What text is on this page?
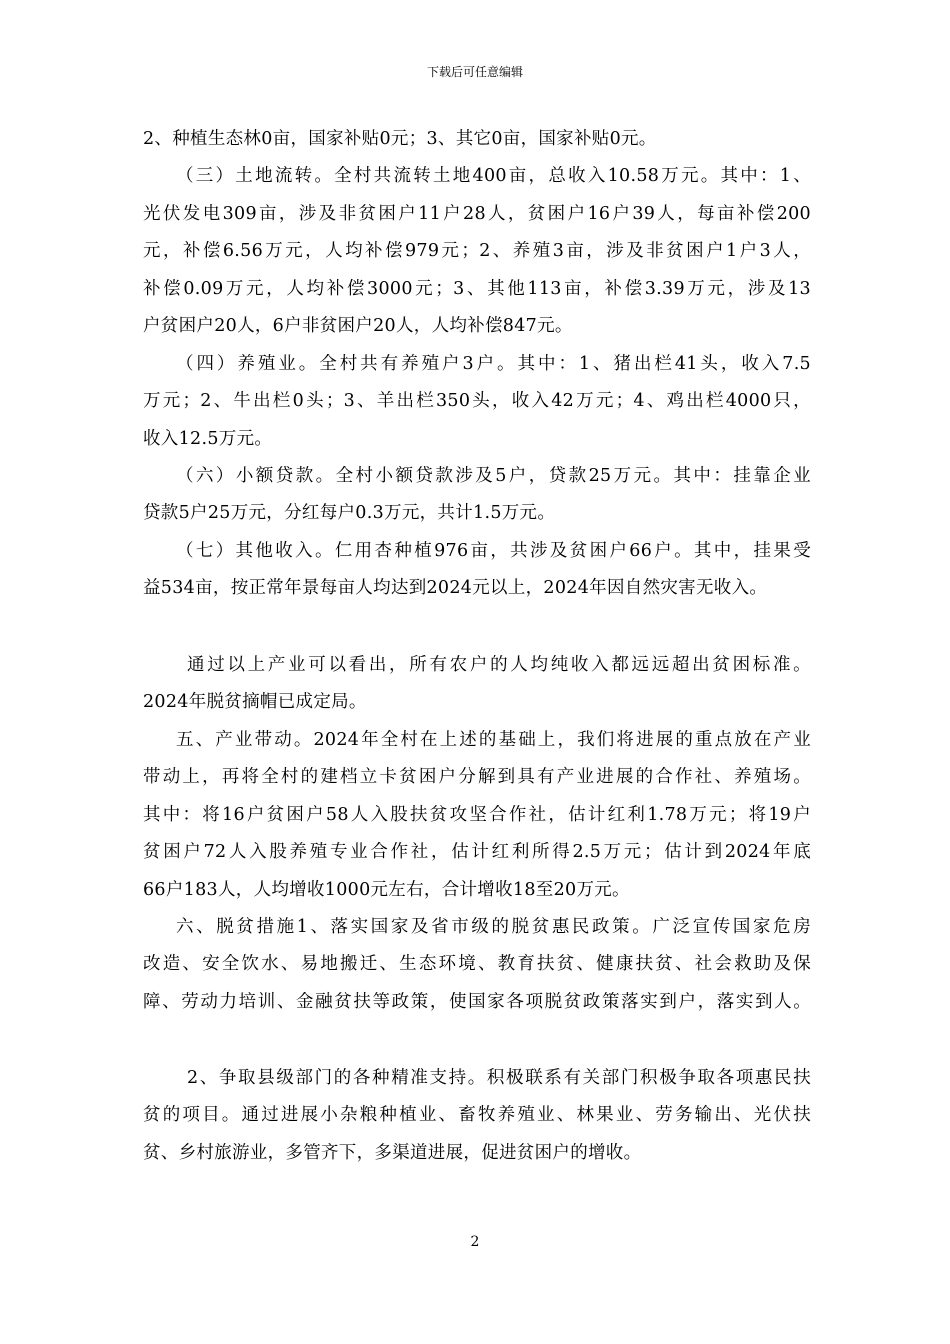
下载后可任意编辑
2、种植生态林0亩，国家补贴0元；3、其它0亩，国家补贴0元。
（三）土地流转。全村共流转土地400亩，总收入10.58万元。其中：1、
光伏发电309亩，涉及非贫困户11户28人，贫困户16户39人，每亩补偿200
元，补偿6.56万元，人均补偿979元；2、养殖3亩，涉及非贫困户1户3人，
补偿0.09万元，人均补偿3000元；3、其他113亩，补偿3.39万元，涉及13
户贫困户20人，6户非贫困户20人，人均补偿847元。
（四）养殖业。全村共有养殖户3户。其中：1、猪出栏41头，收入7.5
万元；2、牛出栏0头；3、羊出栏350头，收入42万元；4、鸡出栏4000只，
收入12.5万元。
（六）小额贷款。全村小额贷款涉及5户，贷款25万元。其中：挂靠企业
贷款5户25万元，分红每户0.3万元，共计1.5万元。
（七）其他收入。仁用杏种植976亩，共涉及贫困户66户。其中，挂果受
益534亩，按正常年景每亩人均达到2024元以上，2024年因自然灾害无收入。
通过以上产业可以看出，所有农户的人均纯收入都远远超出贫困标准。
2024年脱贫摘帽已成定局。
五、产业带动。2024年全村在上述的基础上，我们将进展的重点放在产业
带动上，再将全村的建档立卡贫困户分解到具有产业进展的合作社、养殖场。
其中：将16户贫困户58人入股扶贫攻坚合作社，估计红利1.78万元；将19户
贫困户72人入股养殖专业合作社，估计红利所得2.5万元；估计到2024年底
66户183人，人均增收1000元左右，合计增收18至20万元。
六、脱贫措施1、落实国家及省市级的脱贫惠民政策。广泛宣传国家危房
改造、安全饮水、易地搬迁、生态环境、教育扶贫、健康扶贫、社会救助及保
障、劳动力培训、金融贫扶等政策，使国家各项脱贫政策落实到户，落实到人。
2、争取县级部门的各种精准支持。积极联系有关部门积极争取各项惠民扶
贫的项目。通过进展小杂粮种植业、畜牧养殖业、林果业、劳务输出、光伏扶
贫、乡村旅游业，多管齐下，多渠道进展，促进贫困户的增收。
2
